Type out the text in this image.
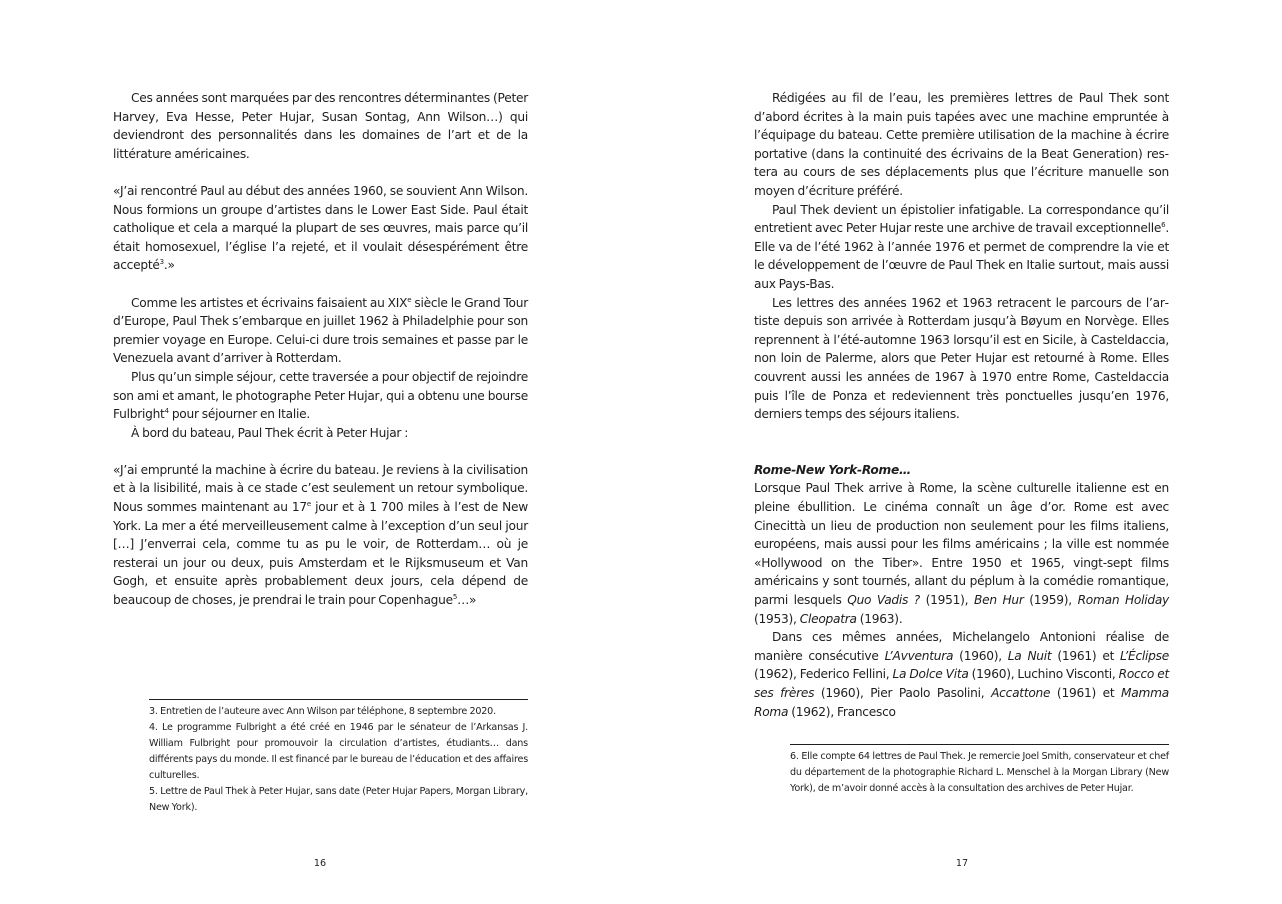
Ces années sont marquées par des rencontres déterminantes (Peter Harvey, Eva Hesse, Peter Hujar, Susan Sontag, Ann Wilson…) qui deviendront des personnalités dans les domaines de l’art et de la littérature américaines.

«J’ai rencontré Paul au début des années 1960, se souvient Ann Wilson. Nous formions un groupe d’artistes dans le Lower East Side. Paul était catholique et cela a marqué la plupart de ses œuvres, mais parce qu’il était homosexuel, l’église l’a rejeté, et il voulait désespérément être accepté$^3$.»

Comme les artistes et écrivains faisaient au XIXe siècle le Grand Tour d’Europe, Paul Thek s’embarque en juillet 1962 à Philadelphie pour son premier voyage en Europe. Celui-ci dure trois semaines et passe par le Venezuela avant d’arriver à Rotterdam.

Plus qu’un simple séjour, cette traversée a pour objectif de rejoindre son ami et amant, le photographe Peter Hujar, qui a obtenu une bourse Fulbright$^4$ pour séjourner en Italie.

À bord du bateau, Paul Thek écrit à Peter Hujar :

«J’ai emprunté la machine à écrire du bateau. Je reviens à la civilisation et à la lisibilité, mais à ce stade c’est seulement un retour symbolique. Nous sommes maintenant au 17e jour et à 1 700 miles à l’est de New York. La mer a été merveilleusement calme à l’exception d’un seul jour […] J’enverrai cela, comme tu as pu le voir, de Rotterdam… où je resterai un jour ou deux, puis Amsterdam et le Rijksmuseum et Van Gogh, et ensuite après probablement deux jours, cela dépend de beaucoup de choses, je prendrai le train pour Copenhague$^5$…»

3. Entretien de l’auteure avec Ann Wilson par téléphone, 8 septembre 2020.

4. Le programme Fulbright a été créé en 1946 par le sénateur de l’Arkansas J. William Fulbright pour promouvoir la circulation d’artistes, étudiants… dans différents pays du monde. Il est financé par le bureau de l’éducation et des affaires culturelles.

5. Lettre de Paul Thek à Peter Hujar, sans date (Peter Hujar Papers, Morgan Library, New York).

16

Rédigées au fil de l’eau, les premières lettres de Paul Thek sont d’abord écrites à la main puis tapées avec une machine empruntée à l’équipage du bateau. Cette première utilisation de la machine à écrire portative (dans la continuité des écrivains de la Beat Generation) restera au cours de ses déplacements plus que l’écriture manuelle son moyen d’écriture préféré.

Paul Thek devient un épistolier infatigable. La correspondance qu’il entretient avec Peter Hujar reste une archive de travail exceptionnelle$^6$. Elle va de l’été 1962 à l’année 1976 et permet de comprendre la vie et le développement de l’œuvre de Paul Thek en Italie surtout, mais aussi aux Pays-Bas.

Les lettres des années 1962 et 1963 retracent le parcours de l’artiste depuis son arrivée à Rotterdam jusqu’à Bøyum en Norvège. Elles reprennent à l’été-automne 1963 lorsqu’il est en Sicile, à Casteldaccia, non loin de Palerme, alors que Peter Hujar est retourné à Rome. Elles couvrent aussi les années de 1967 à 1970 entre Rome, Casteldaccia puis l’île de Ponza et redeviennent très ponctuelles jusqu’en 1976, derniers temps des séjours italiens.

Rome-New York-Rome…

Lorsque Paul Thek arrive à Rome, la scène culturelle italienne est en pleine ébullition. Le cinéma connaît un âge d’or. Rome est avec Cinecittà un lieu de production non seulement pour les films italiens, européens, mais aussi pour les films américains ; la ville est nommée «Hollywood on the Tiber». Entre 1950 et 1965, vingt-sept films américains y sont tournés, allant du péplum à la comédie romantique, parmi lesquels Quo Vadis ? (1951), Ben Hur (1959), Roman Holiday (1953), Cleopatra (1963).

Dans ces mêmes années, Michelangelo Antonioni réalise de manière consécutive L’Avventura (1960), La Nuit (1961) et L’Éclipse (1962), Federico Fellini, La Dolce Vita (1960), Luchino Visconti, Rocco et ses frères (1960), Pier Paolo Pasolini, Accattone (1961) et Mamma Roma (1962), Francesco

6. Elle compte 64 lettres de Paul Thek. Je remercie Joel Smith, conservateur et chef du département de la photographie Richard L. Menschel à la Morgan Library (New York), de m’avoir donné accès à la consultation des archives de Peter Hujar.

17
